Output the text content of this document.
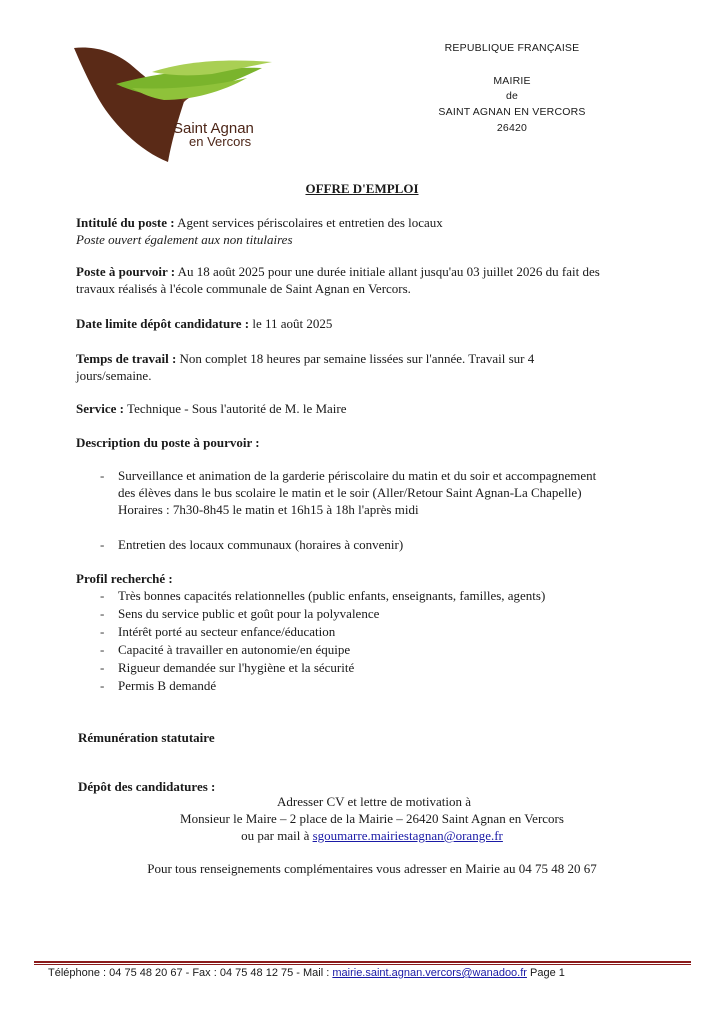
Saint Agnan
en Vercors
REPUBLIQUE FRANÇAISE
MAIRIE
de
SAINT AGNAN EN VERCORS
26420
OFFRE D'EMPLOI
Intitulé du poste : Agent services périscolaires et entretien des locaux
Poste ouvert également aux non titulaires
Poste à pourvoir : Au 18 août 2025 pour une durée initiale allant jusqu'au 03 juillet 2026 du fait des
travaux réalisés à l'école communale de Saint Agnan en Vercors.
Date limite dépôt candidature : le 11 août 2025
Temps de travail : Non complet 18 heures par semaine lissées sur l'année. Travail sur 4
jours/semaine.
Service : Technique - Sous l'autorité de M. le Maire
Description du poste à pourvoir :
- Surveillance et animation de la garderie périscolaire du matin et du soir et accompagnement
des élèves dans le bus scolaire le matin et le soir (Aller/Retour Saint Agnan-La Chapelle)
Horaires : 7h30-8h45 le matin et 16h15 à 18h l'après midi
- Entretien des locaux communaux (horaires à convenir)
Profil recherché :
- Très bonnes capacités relationnelles (public enfants, enseignants, familles, agents)
- Sens du service public et goût pour la polyvalence
- Intérêt porté au secteur enfance/éducation
- Capacité à travailler en autonomie/en équipe
- Rigueur demandée sur l'hygiène et la sécurité
- Permis B demandé
Rémunération statutaire
Dépôt des candidatures :
Adresser CV et lettre de motivation à
Monsieur le Maire – 2 place de la Mairie – 26420 Saint Agnan en Vercors
ou par mail à sgoumarre.mairiestagnan@orange.fr
Pour tous renseignements complémentaires vous adresser en Mairie au 04 75 48 20 67
Téléphone : 04 75 48 20 67 - Fax : 04 75 48 12 75 - Mail : mairie.saint.agnan.vercors@wanadoo.fr Page 1
